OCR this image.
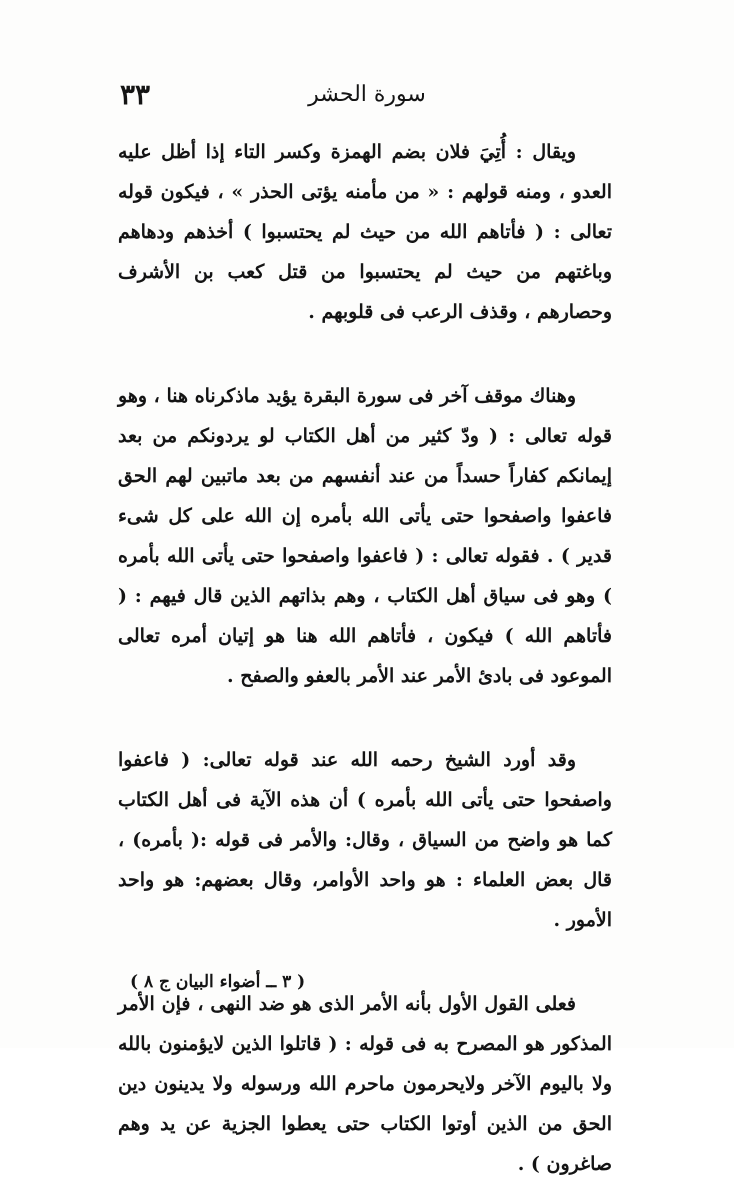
٣٣	سورة الحشر

ويقال : أُتِيَ فلان بضم الهمزة وكسر التاء إذا أظل عليه العدو ، ومنه قولهم : « من مأمنه يؤتى الحذر » ، فيكون قوله تعالى : ( فأتاهم الله من حيث لم يحتسبوا ) أخذهم ودهاهم وباغتهم من حيث لم يحتسبوا من قتل كعب بن الأشرف وحصارهم ، وقذف الرعب فى قلوبهم .

وهناك موقف آخر فى سورة البقرة يؤيد ماذكرناه هنا ، وهو قوله تعالى : ( ودّ كثير من أهل الكتاب لو يردونكم من بعد إيمانكم كفاراً حسداً من عند أنفسهم من بعد ماتبين لهم الحق فاعفوا واصفحوا حتى يأتى الله بأمره إن الله على كل شىء قدير ) . فقوله تعالى : ( فاعفوا واصفحوا حتى يأتى الله بأمره ) وهو فى سياق أهل الكتاب ، وهم بذاتهم الذين قال فيهم : ( فأتاهم الله ) فيكون ، فأتاهم الله هنا هو إتيان أمره تعالى الموعود فى بادئ الأمر عند الأمر بالعفو والصفح .

وقد أورد الشيخ رحمه الله عند قوله تعالى: ( فاعفوا واصفحوا حتى يأتى الله بأمره ) أن هذه الآية فى أهل الكتاب كما هو واضح من السياق ، وقال: والأمر فى قوله :( بأمره) ، قال بعض العلماء : هو واحد الأوامر، وقال بعضهم: هو واحد الأمور .

فعلى القول الأول بأنه الأمر الذى هو ضد النهى ، فإن الأمر المذكور هو المصرح به فى قوله : ( قاتلوا الذين لايؤمنون بالله ولا باليوم الآخر ولايحرمون ماحرم الله ورسوله ولا يدينون دين الحق من الذين أوتوا الكتاب حتى يعطوا الجزية عن يد وهم صاغرون ) .

( ٣ ــ أضواء البيان ج ٨ )
